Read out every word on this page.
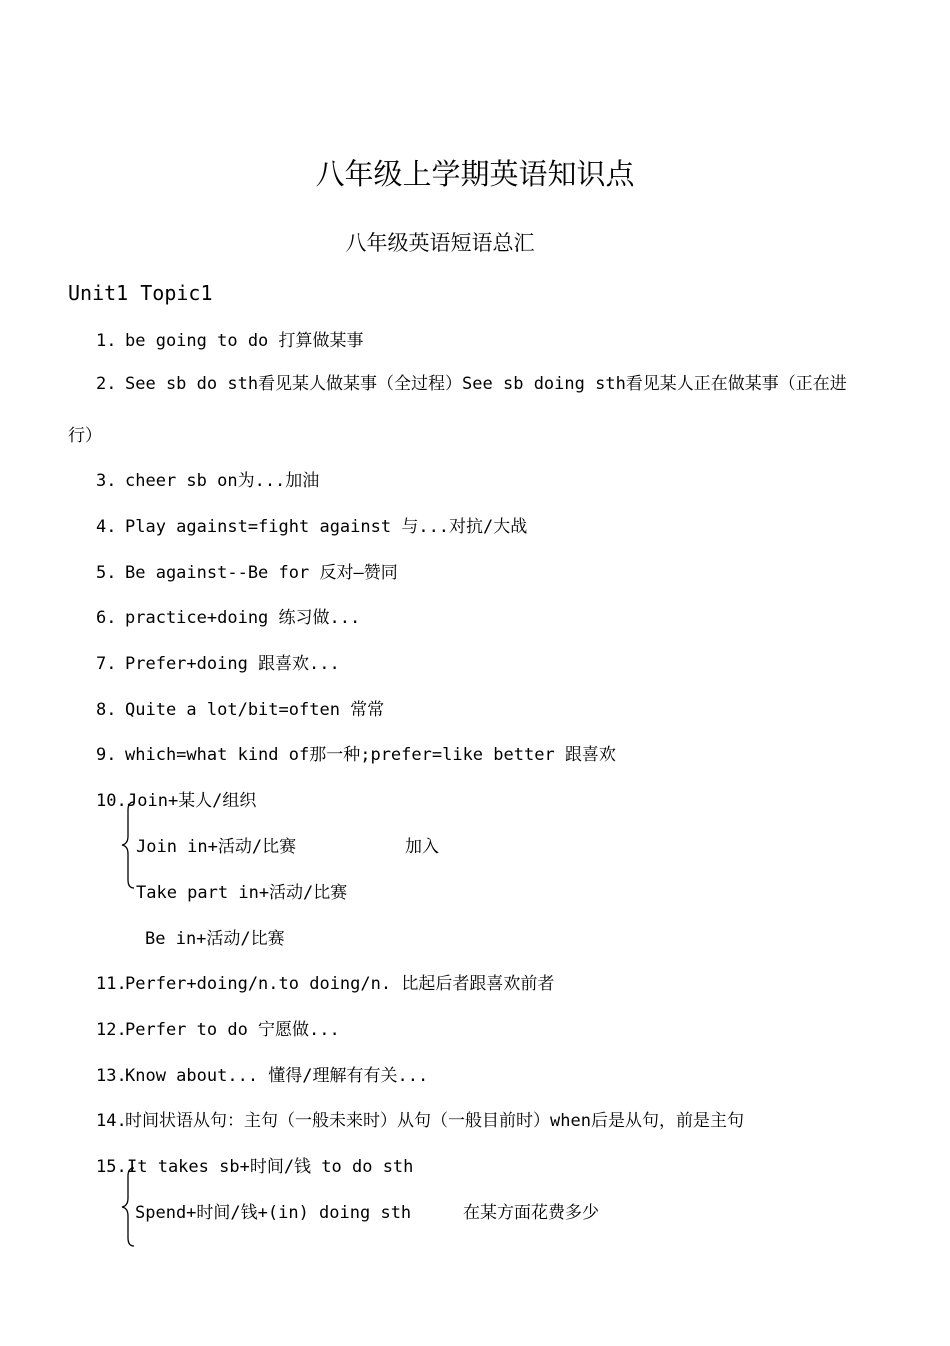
八年级上学期英语知识点
八年级英语短语总汇
Unit1 Topic1
1. be going to do 打算做某事
2. See sb do sth看见某人做某事（全过程）See sb doing sth看见某人正在做某事（正在进
行）
3. cheer sb on为...加油
4. Play against=fight against 与...对抗/大战
5. Be against--Be for 反对—赞同
6. practice+doing 练习做...
7. Prefer+doing 跟喜欢...
8. Quite a lot/bit=often 常常
9. which=what kind of那一种;prefer=like better 跟喜欢
10. Join+某人/组织
Join in+活动/比赛	加入
Take part in+活动/比赛
Be in+活动/比赛
11.
Perfer+doing/n.to doing/n. 比起后者跟喜欢前者
12.
Perfer to do 宁愿做...
13.
Know about... 懂得/理解有有关...
14.
时间状语从句：主句（一般未来时）从句（一般目前时）when后是从句，前是主句
15. It takes sb+时间/钱 to do sth
Spend+时间/钱+(in) doing sth	在某方面花费多少
